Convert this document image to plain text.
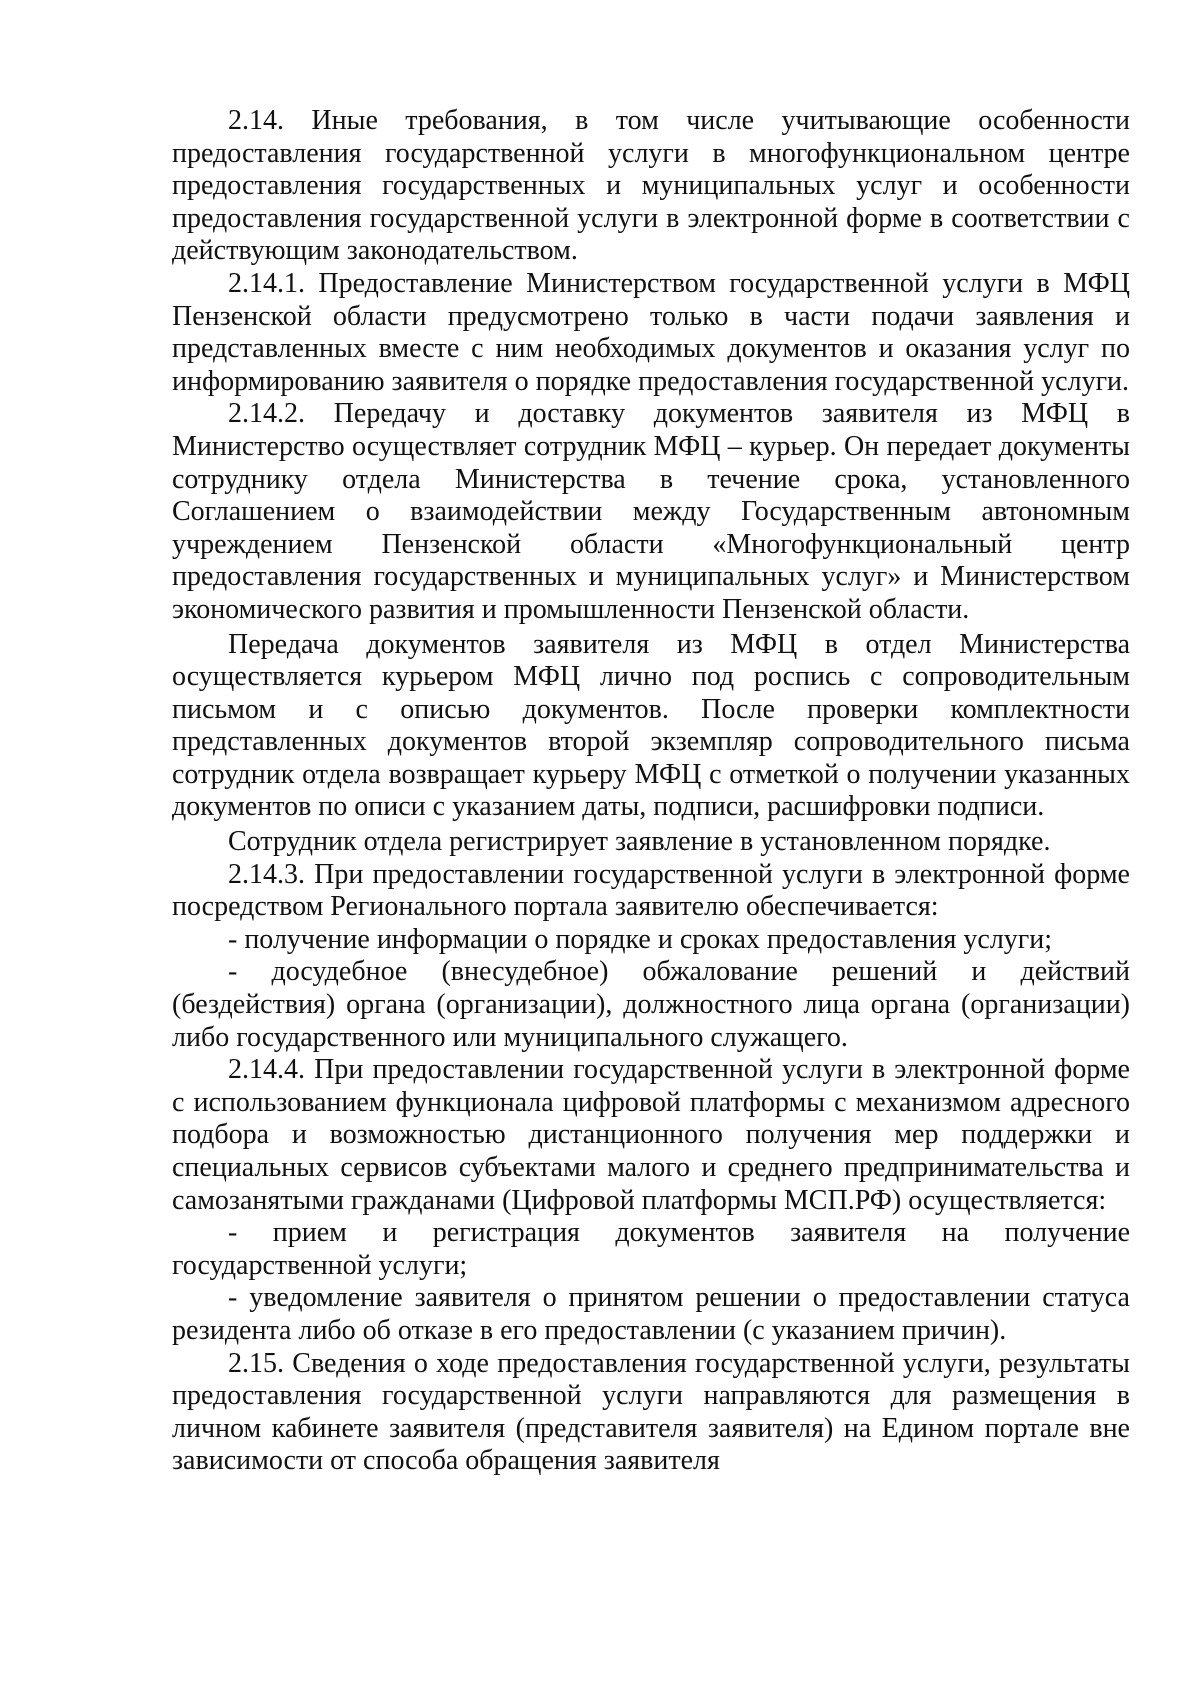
2.14. Иные требования, в том числе учитывающие особенности предоставления государственной услуги в многофункциональном центре предоставления государственных и муниципальных услуг и особенности предоставления государственной услуги в электронной форме в соответствии с действующим законодательством.

2.14.1. Предоставление Министерством государственной услуги в МФЦ Пензенской области предусмотрено только в части подачи заявления и представленных вместе с ним необходимых документов и оказания услуг по информированию заявителя о порядке предоставления государственной услуги.

2.14.2. Передачу и доставку документов заявителя из МФЦ в Министерство осуществляет сотрудник МФЦ – курьер. Он передает документы сотруднику отдела Министерства в течение срока, установленного Соглашением о взаимодействии между Государственным автономным учреждением Пензенской области «Многофункциональный центр предоставления государственных и муниципальных услуг» и Министерством экономического развития и промышленности Пензенской области.

Передача документов заявителя из МФЦ в отдел Министерства осуществляется курьером МФЦ лично под роспись с сопроводительным письмом и с описью документов. После проверки комплектности представленных документов второй экземпляр сопроводительного письма сотрудник отдела возвращает курьеру МФЦ с отметкой о получении указанных документов по описи с указанием даты, подписи, расшифровки подписи.

Сотрудник отдела регистрирует заявление в установленном порядке.

2.14.3. При предоставлении государственной услуги в электронной форме посредством Регионального портала заявителю обеспечивается:

- получение информации о порядке и сроках предоставления услуги;

- досудебное (внесудебное) обжалование решений и действий (бездействия) органа (организации), должностного лица органа (организации) либо государственного или муниципального служащего.

2.14.4. При предоставлении государственной услуги в электронной форме с использованием функционала цифровой платформы с механизмом адресного подбора и возможностью дистанционного получения мер поддержки и специальных сервисов субъектами малого и среднего предпринимательства и самозанятыми гражданами (Цифровой платформы МСП.РФ) осуществляется:

- прием и регистрация документов заявителя на получение государственной услуги;

- уведомление заявителя о принятом решении о предоставлении статуса резидента либо об отказе в его предоставлении (с указанием причин).

2.15. Сведения о ходе предоставления государственной услуги, результаты предоставления государственной услуги направляются для размещения в личном кабинете заявителя (представителя заявителя) на Едином портале вне зависимости от способа обращения заявителя
